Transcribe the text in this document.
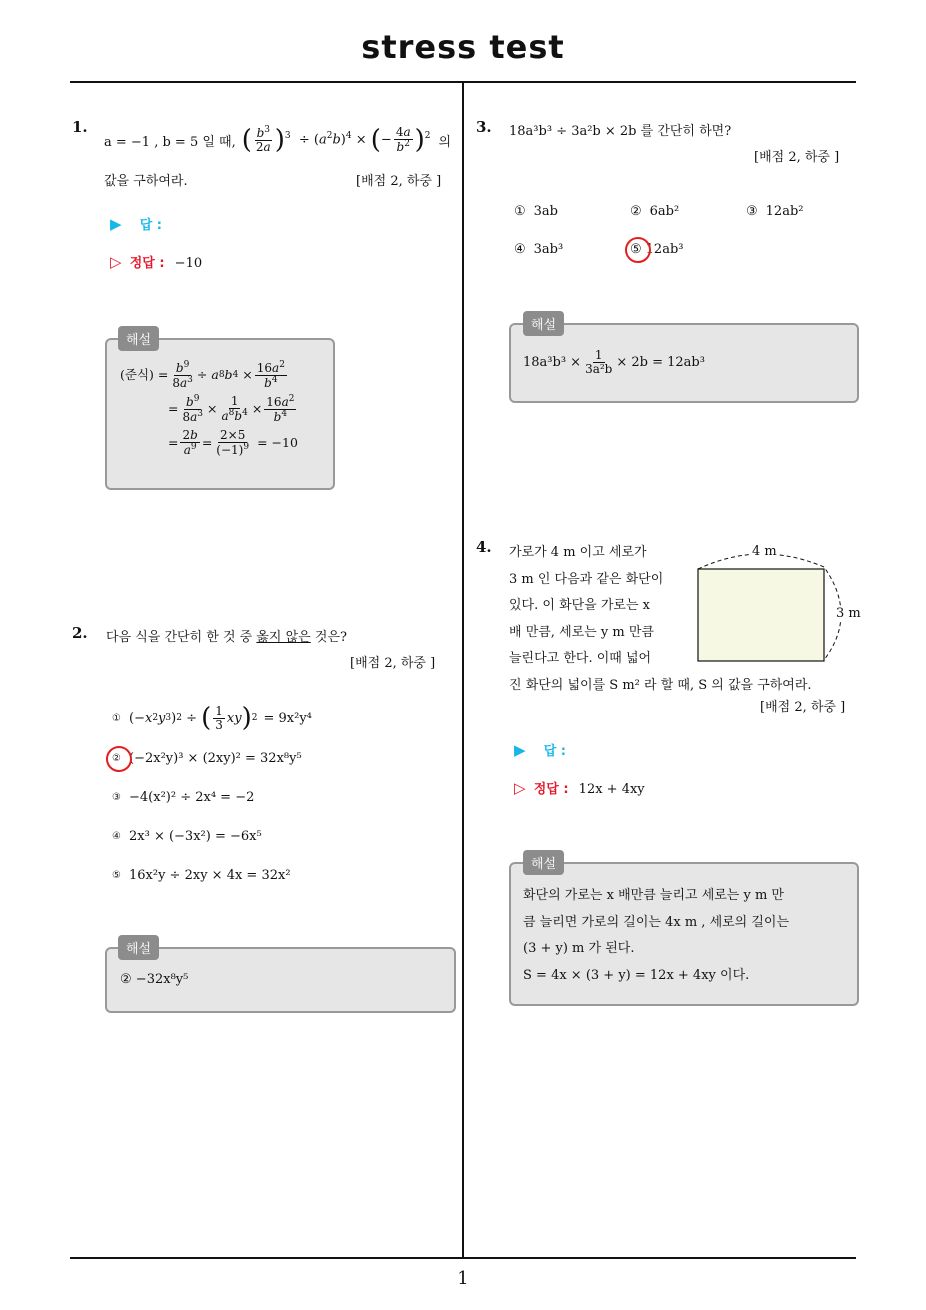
stress test
1
1.
a = −1 , b = 5 일 때, ( $\frac{b^3}{2a} )^3 \div (a^2b)^4$ × (− $\frac{4a}{b^2} )^2$ 의
값을 구하여라.	[배점 2, 하중 ]
▶ 답 :
▷ 정답 : −10
해설
(준식) = $\frac{b^9}{8a^3} \div a$ 8 b $4 \times \frac{16a^2}{b^4}$
= $\frac{b^9}{8a^3} \times \frac{1}{a^8b^4} \times \frac{16a^2}{b^4}$
= $\frac{2b}{a^9} = \frac{2\times 5}{(-1)^9} = -10$
2. 다음 식을 간단히 한 것 중 옳지 않은 것은?
[배점 2, 하중 ]
① (− x 2 y 3 ) 2 ÷ ( $\frac{1}{3}$ xy ) 2 = 9x²y⁴
② (−2x²y)³ × (2xy)² = 32x⁸y⁵
③ −4(x²)² ÷ 2x⁴ = −2
④ 2x³ × (−3x²) = −6x⁵
⑤ 16x²y ÷ 2xy × 4x = 32x²
해설
② −32x⁸y⁵
3. 18a³b³ ÷ 3a²b × 2b 를 간단히 하면?
[배점 2, 하중 ]
① 3ab	② 6ab²	③ 12ab²
④ 3ab³	⑤ 12ab³
해설
$18a^3b^3 \times \frac{1}{\text{3a²b}} \times 2b = 12ab^3$
4. 가로가 4 m 이고 세로가
3 m 인 다음과 같은 화단이
있다. 이 화단을 가로는 x
배 만큼, 세로는 y m 만큼
늘린다고 한다. 이때 넓어
진 화단의 넓이를 S m² 라 할 때, S 의 값을 구하여라.
[배점 2, 하중 ]
4 m
3 m
▶ 답 :
▷ 정답 : 12x + 4xy
해설
화단의 가로는 x 배만큼 늘리고 세로는 y m 만
큼 늘리면 가로의 길이는 4x m , 세로의 길이는
(3 + y) m 가 된다.
S = 4x × (3 + y) = 12x + 4xy 이다.
